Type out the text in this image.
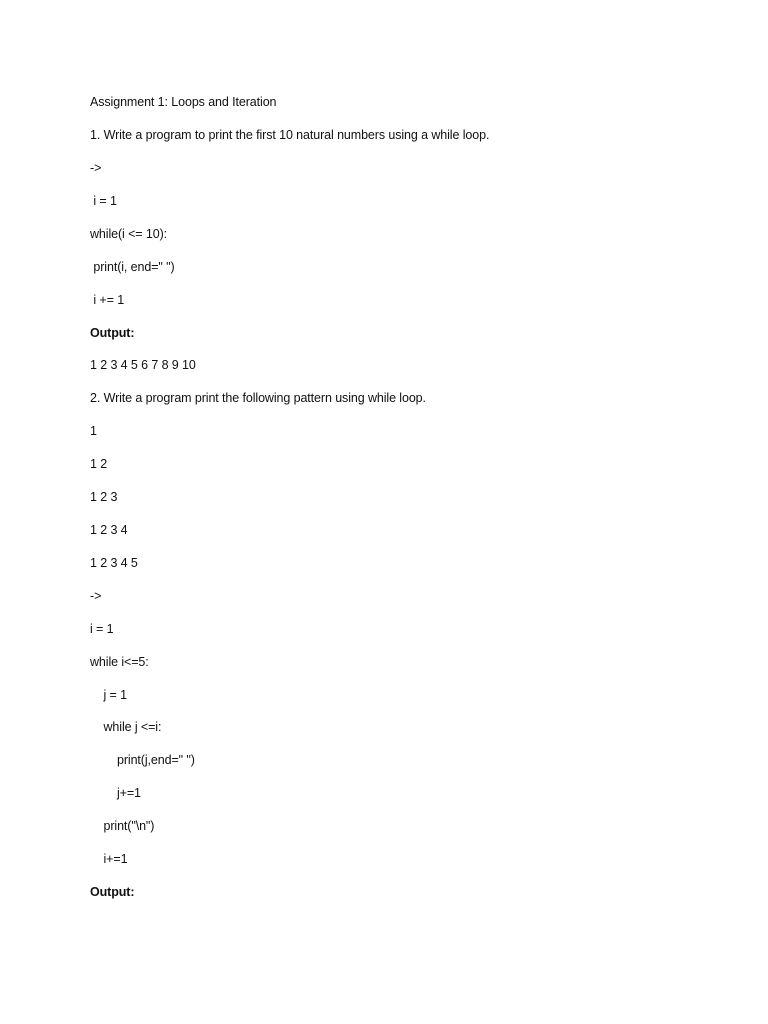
Assignment 1: Loops and Iteration
1. Write a program to print the first 10 natural numbers using a while loop.
->
i = 1
while(i <= 10):
print(i, end=" ")
i += 1
Output:
1 2 3 4 5 6 7 8 9 10
2. Write a program print the following pattern using while loop.
1
1 2
1 2 3
1 2 3 4
1 2 3 4 5
->
i = 1
while i<=5:
j = 1
while j <=i:
print(j,end=" ")
j+=1
print("\n")
i+=1
Output:
